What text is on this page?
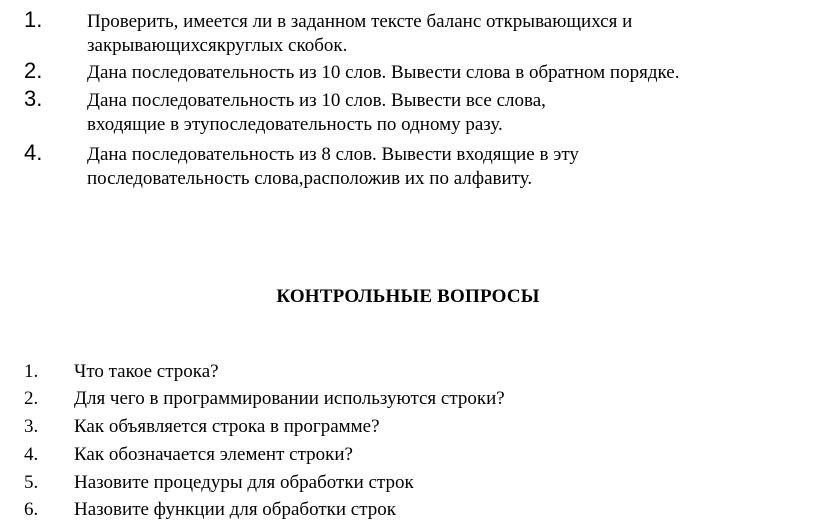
1. Проверить, имеется ли в заданном тексте баланс открывающихся и
закрывающихсякруглых скобок.
2. Дана последовательность из 10 слов. Вывести слова в обратном порядке.
3. Дана последовательность из 10 слов. Вывести все слова,
входящие в этупоследовательность по одному разу.
4. Дана последовательность из 8 слов. Вывести входящие в эту
последовательность слова,расположив их по алфавиту.
КОНТРОЛЬНЫЕ ВОПРОСЫ
1. Что такое строка?
2. Для чего в программировании используются строки?
3. Как объявляется строка в программе?
4. Как обозначается элемент строки?
5. Назовите процедуры для обработки строк
6. Назовите функции для обработки строк
